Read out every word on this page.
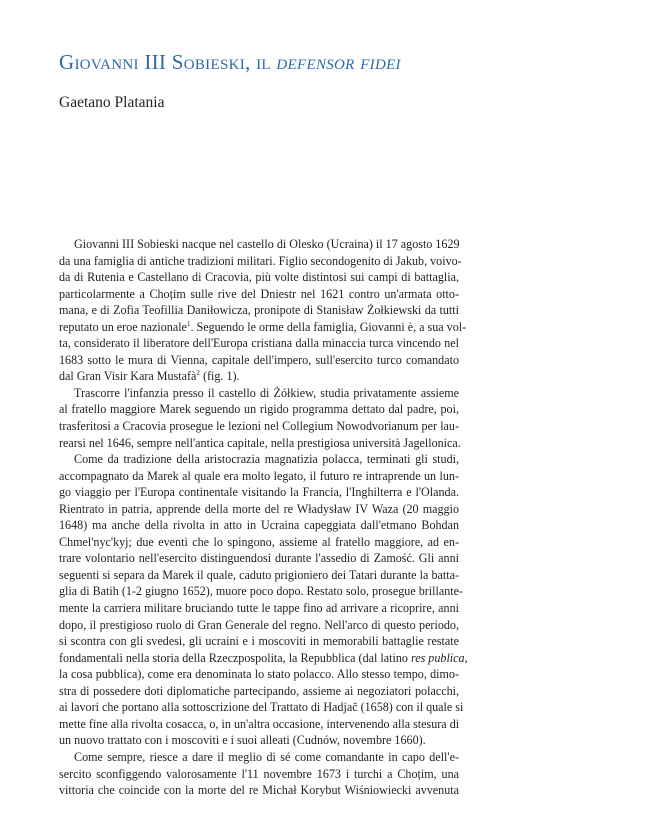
Giovanni III Sobieski, il defensor fidei
Gaetano Platania
Giovanni III Sobieski nacque nel castello di Olesko (Ucraina) il 17 agosto 1629
da una famiglia di antiche tradizioni militari. Figlio secondogenito di Jakub, voivo-
da di Rutenia e Castellano di Cracovia, più volte distintosi sui campi di battaglia,
particolarmente a Choțim sulle rive del Dniestr nel 1621 contro un'armata otto-
mana, e di Zofia Teofillia Daniłowicza, pronipote di Stanisław Żołkiewski da tutti
reputato un eroe nazionale$^1$. Seguendo le orme della famiglia, Giovanni è, a sua vol-
ta, considerato il liberatore dell'Europa cristiana dalla minaccia turca vincendo nel
1683 sotto le mura di Vienna, capitale dell'impero, sull'esercito turco comandato
dal Gran Visir Kara Mustafà$^2$ (fig. 1).
Trascorre l'infanzia presso il castello di Żółkiew, studia privatamente assieme
al fratello maggiore Marek seguendo un rigido programma dettato dal padre, poi,
trasferitosi a Cracovia prosegue le lezioni nel Collegium Nowodvorianum per lau-
rearsi nel 1646, sempre nell'antica capitale, nella prestigiosa università Jagellonica.
Come da tradizione della aristocrazia magnatizia polacca, terminati gli studi,
accompagnato da Marek al quale era molto legato, il futuro re intraprende un lun-
go viaggio per l'Europa continentale visitando la Francia, l'Inghilterra e l'Olanda.
Rientrato in patria, apprende della morte del re Władysław IV Waza (20 maggio
1648) ma anche della rivolta in atto in Ucraina capeggiata dall'etmano Bohdan
Chmel'nyc'kyj; due eventi che lo spingono, assieme al fratello maggiore, ad en-
trare volontario nell'esercito distinguendosi durante l'assedio di Zamość. Gli anni
seguenti si separa da Marek il quale, caduto prigioniero dei Tatari durante la batta-
glia di Batih (1-2 giugno 1652), muore poco dopo. Restato solo, prosegue brillante-
mente la carriera militare bruciando tutte le tappe fino ad arrivare a ricoprire, anni
dopo, il prestigioso ruolo di Gran Generale del regno. Nell'arco di questo periodo,
si scontra con gli svedesi, gli ucraini e i moscoviti in memorabili battaglie restate
fondamentali nella storia della Rzeczpospolita, la Repubblica (dal latino res publica,
la cosa pubblica), come era denominata lo stato polacco. Allo stesso tempo, dimo-
stra di possedere doti diplomatiche partecipando, assieme ai negoziatori polacchi,
ai lavori che portano alla sottoscrizione del Trattato di Hadjač (1658) con il quale si
mette fine alla rivolta cosacca, o, in un'altra occasione, intervenendo alla stesura di
un nuovo trattato con i moscoviti e i suoi alleati (Cudnów, novembre 1660).
Come sempre, riesce a dare il meglio di sé come comandante in capo dell'e-
sercito sconfiggendo valorosamente l'11 novembre 1673 i turchi a Choțim, una
vittoria che coincide con la morte del re Michał Korybut Wiśniowiecki avvenuta
